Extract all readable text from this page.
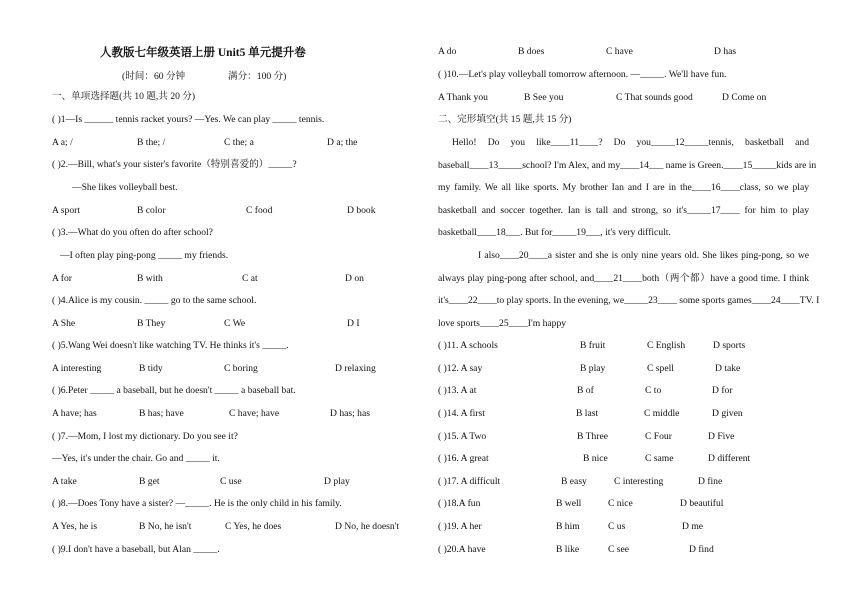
人教版七年级英语上册 Unit5 单元提升卷
(时间：60 分钟	满分：100 分)
一、单项选择题(共 10 题,共 20 分)
( )1—Is ______ tennis racket yours? —Yes. We can play _____ tennis.
A a; /	B the; /	C the; a	D a; the
( )2.—Bill, what's your sister's favorite（特别喜爱的）_____?
—She likes volleyball best.
A sport	B color	C food	D book
( )3.—What do you often do after school?
—I often play ping-pong _____ my friends.
A for	B with	C at	D on
( )4.Alice is my cousin. _____ go to the same school.
A She	B They	C We	D I
( )5.Wang Wei doesn't like watching TV. He thinks it's _____.
A interesting	B tidy	C boring	D relaxing
( )6.Peter _____ a baseball, but he doesn't _____ a baseball bat.
A have; has	B has; have	C have; have	D has; has
( )7.—Mom, I lost my dictionary. Do you see it?
—Yes, it's under the chair. Go and _____ it.
A take	B get	C use	D play
( )8.—Does Tony have a sister? —_____. He is the only child in his family.
A Yes, he is	B No, he isn't	C Yes, he does	D No, he doesn't
( )9.I don't have a baseball, but Alan _____.
A do	B does	C have	D has
( )10.—Let's play volleyball tomorrow afternoon. —_____. We'll have fun.
A Thank you	B See you	C That sounds good	D Come on
二、完形填空(共 15 题,共 15 分)
Hello! Do you like____11____? Do you_____12_____tennis, basketball and
baseball____13_____school? I'm Alex, and my____14___ name is Green.____15_____kids are in
my family. We all like sports. My brother Ian and I are in the____16____class, so we play
basketball and soccer together. Ian is tall and strong, so it's_____17____ for him to play
basketball____18___. But for_____19___, it's very difficult.
I also____20____a sister and she is only nine years old. She likes ping-pong, so we
always play ping-pong after school, and____21____both（两个都）have a good time. I think
it's____22____to play sports. In the evening, we_____23____ some sports games____24____TV. I
love sports____25____I'm happy
( )11. A schools	B fruit	C English	D sports
( )12. A say	B play	C spell	D take
( )13. A at	B of	C to	D for
( )14. A first	B last	C middle	D given
( )15. A Two	B Three	C Four	D Five
( )16. A great	B nice	C same	D different
( )17. A difficult	B easy	C interesting	D fine
( )18.A fun	B well	C nice	D beautiful
( )19. A her	B him	C us	D me
( )20.A have	B like	C see	D find
